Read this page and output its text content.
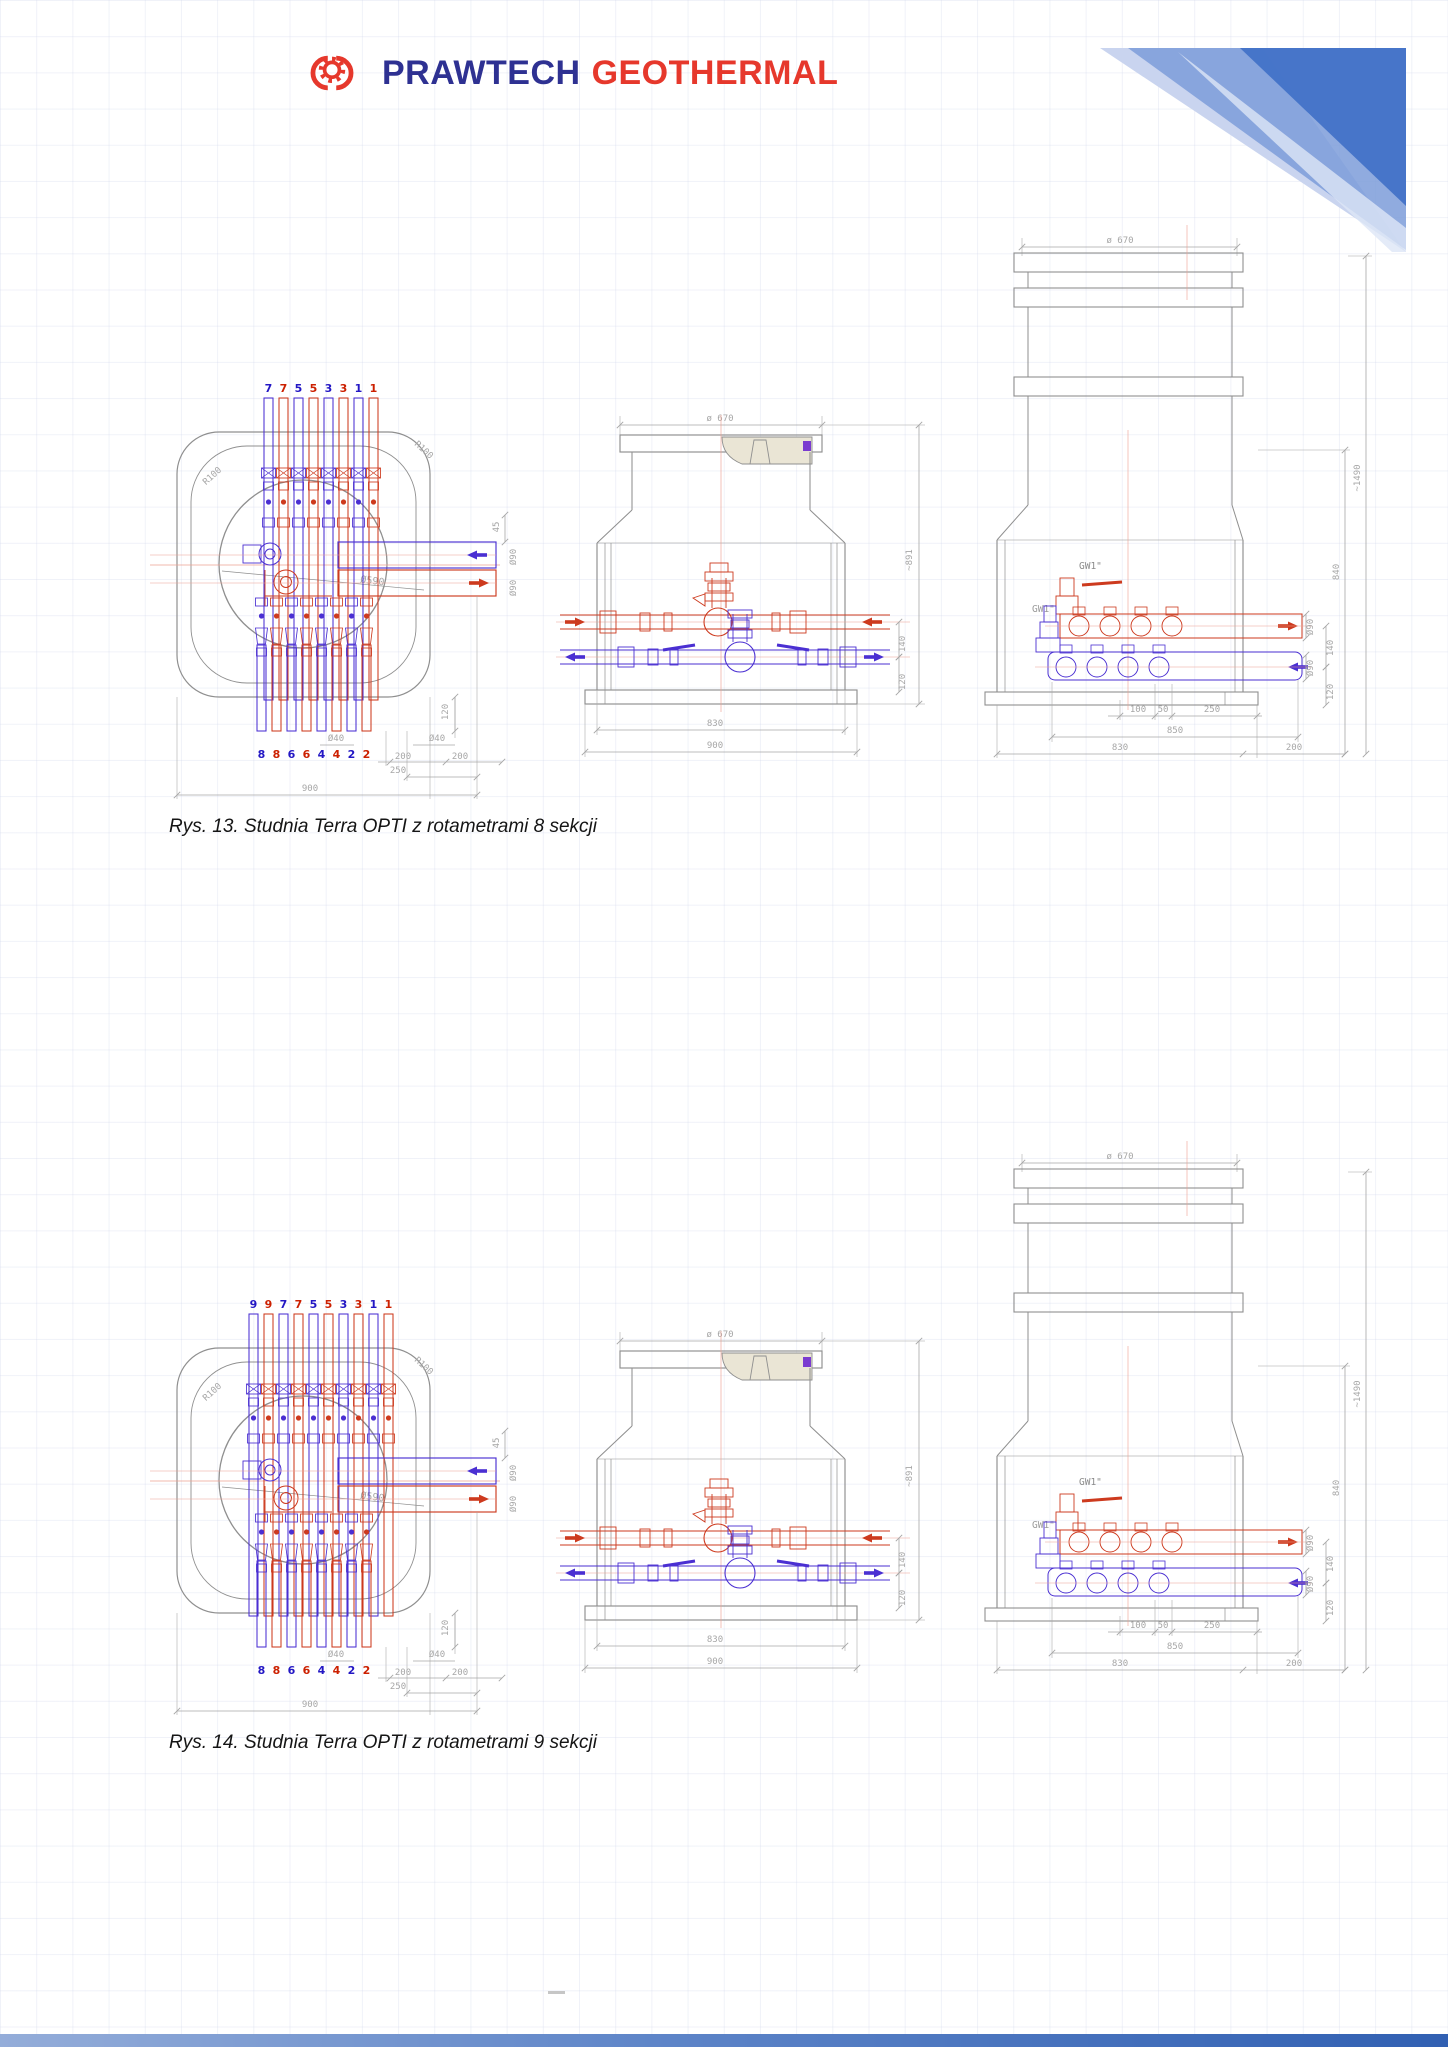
PRAWTECH GEOTHERMAL
R100
R100
Ø590
7 7 5 5 3 3 1 1
8 8 6 6 4 4 2 2
45
Ø90
Ø90
Ø40	Ø40
200	200
250
900
120
ø 670
~891
140
120
830
900
ø 670
GW1"
GW1"
100 50	250
850
830	200
840
~1490
Ø90
Ø90
140
120
R100
R100
Ø590
9 9 7 7 5 5 3 3 1 1
8 8 6 6 4 4 2 2
45
Ø90
Ø90
Ø40	Ø40
200	200
250
900
120
ø 670
~891
140
120
830
900
ø 670
GW1"
GW1"
100 50	250
850
830	200
840
~1490
Ø90
Ø90
140
120
Rys. 13. Studnia Terra OPTI z rotametrami 8 sekcji
Rys. 14. Studnia Terra OPTI z rotametrami 9 sekcji
